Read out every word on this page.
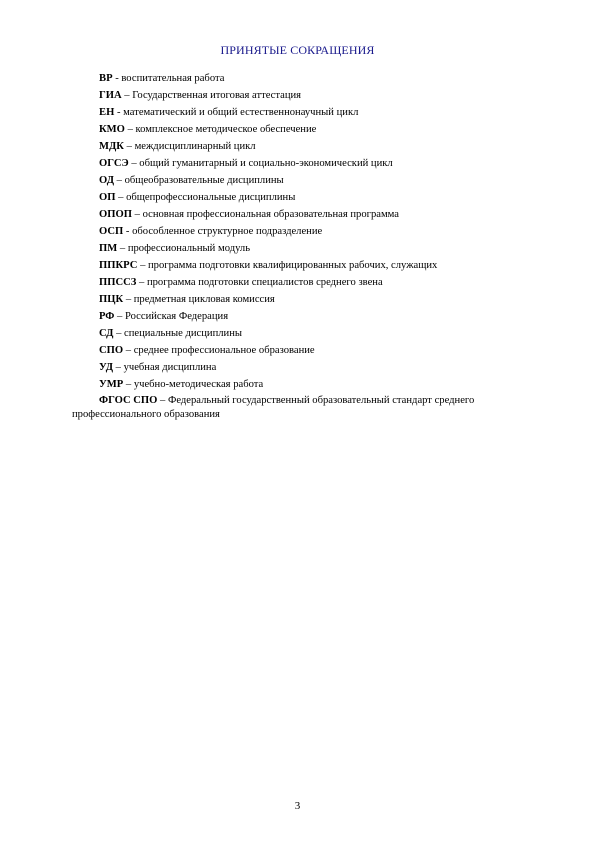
ПРИНЯТЫЕ СОКРАЩЕНИЯ
ВР - воспитательная работа
ГИА – Государственная итоговая аттестация
ЕН - математический и общий естественнонаучный цикл
КМО – комплексное методическое обеспечение
МДК – междисциплинарный цикл
ОГСЭ – общий гуманитарный и социально-экономический цикл
ОД – общеобразовательные дисциплины
ОП – общепрофессиональные дисциплины
ОПОП – основная профессиональная образовательная программа
ОСП - обособленное структурное подразделение
ПМ – профессиональный модуль
ППКРС – программа подготовки квалифицированных рабочих, служащих
ППССЗ – программа подготовки специалистов среднего звена
ПЦК – предметная цикловая комиссия
РФ – Российская Федерация
СД – специальные дисциплины
СПО – среднее профессиональное образование
УД – учебная дисциплина
УМР – учебно-методическая работа
ФГОС СПО – Федеральный государственный образовательный стандарт среднего профессионального образования
3
